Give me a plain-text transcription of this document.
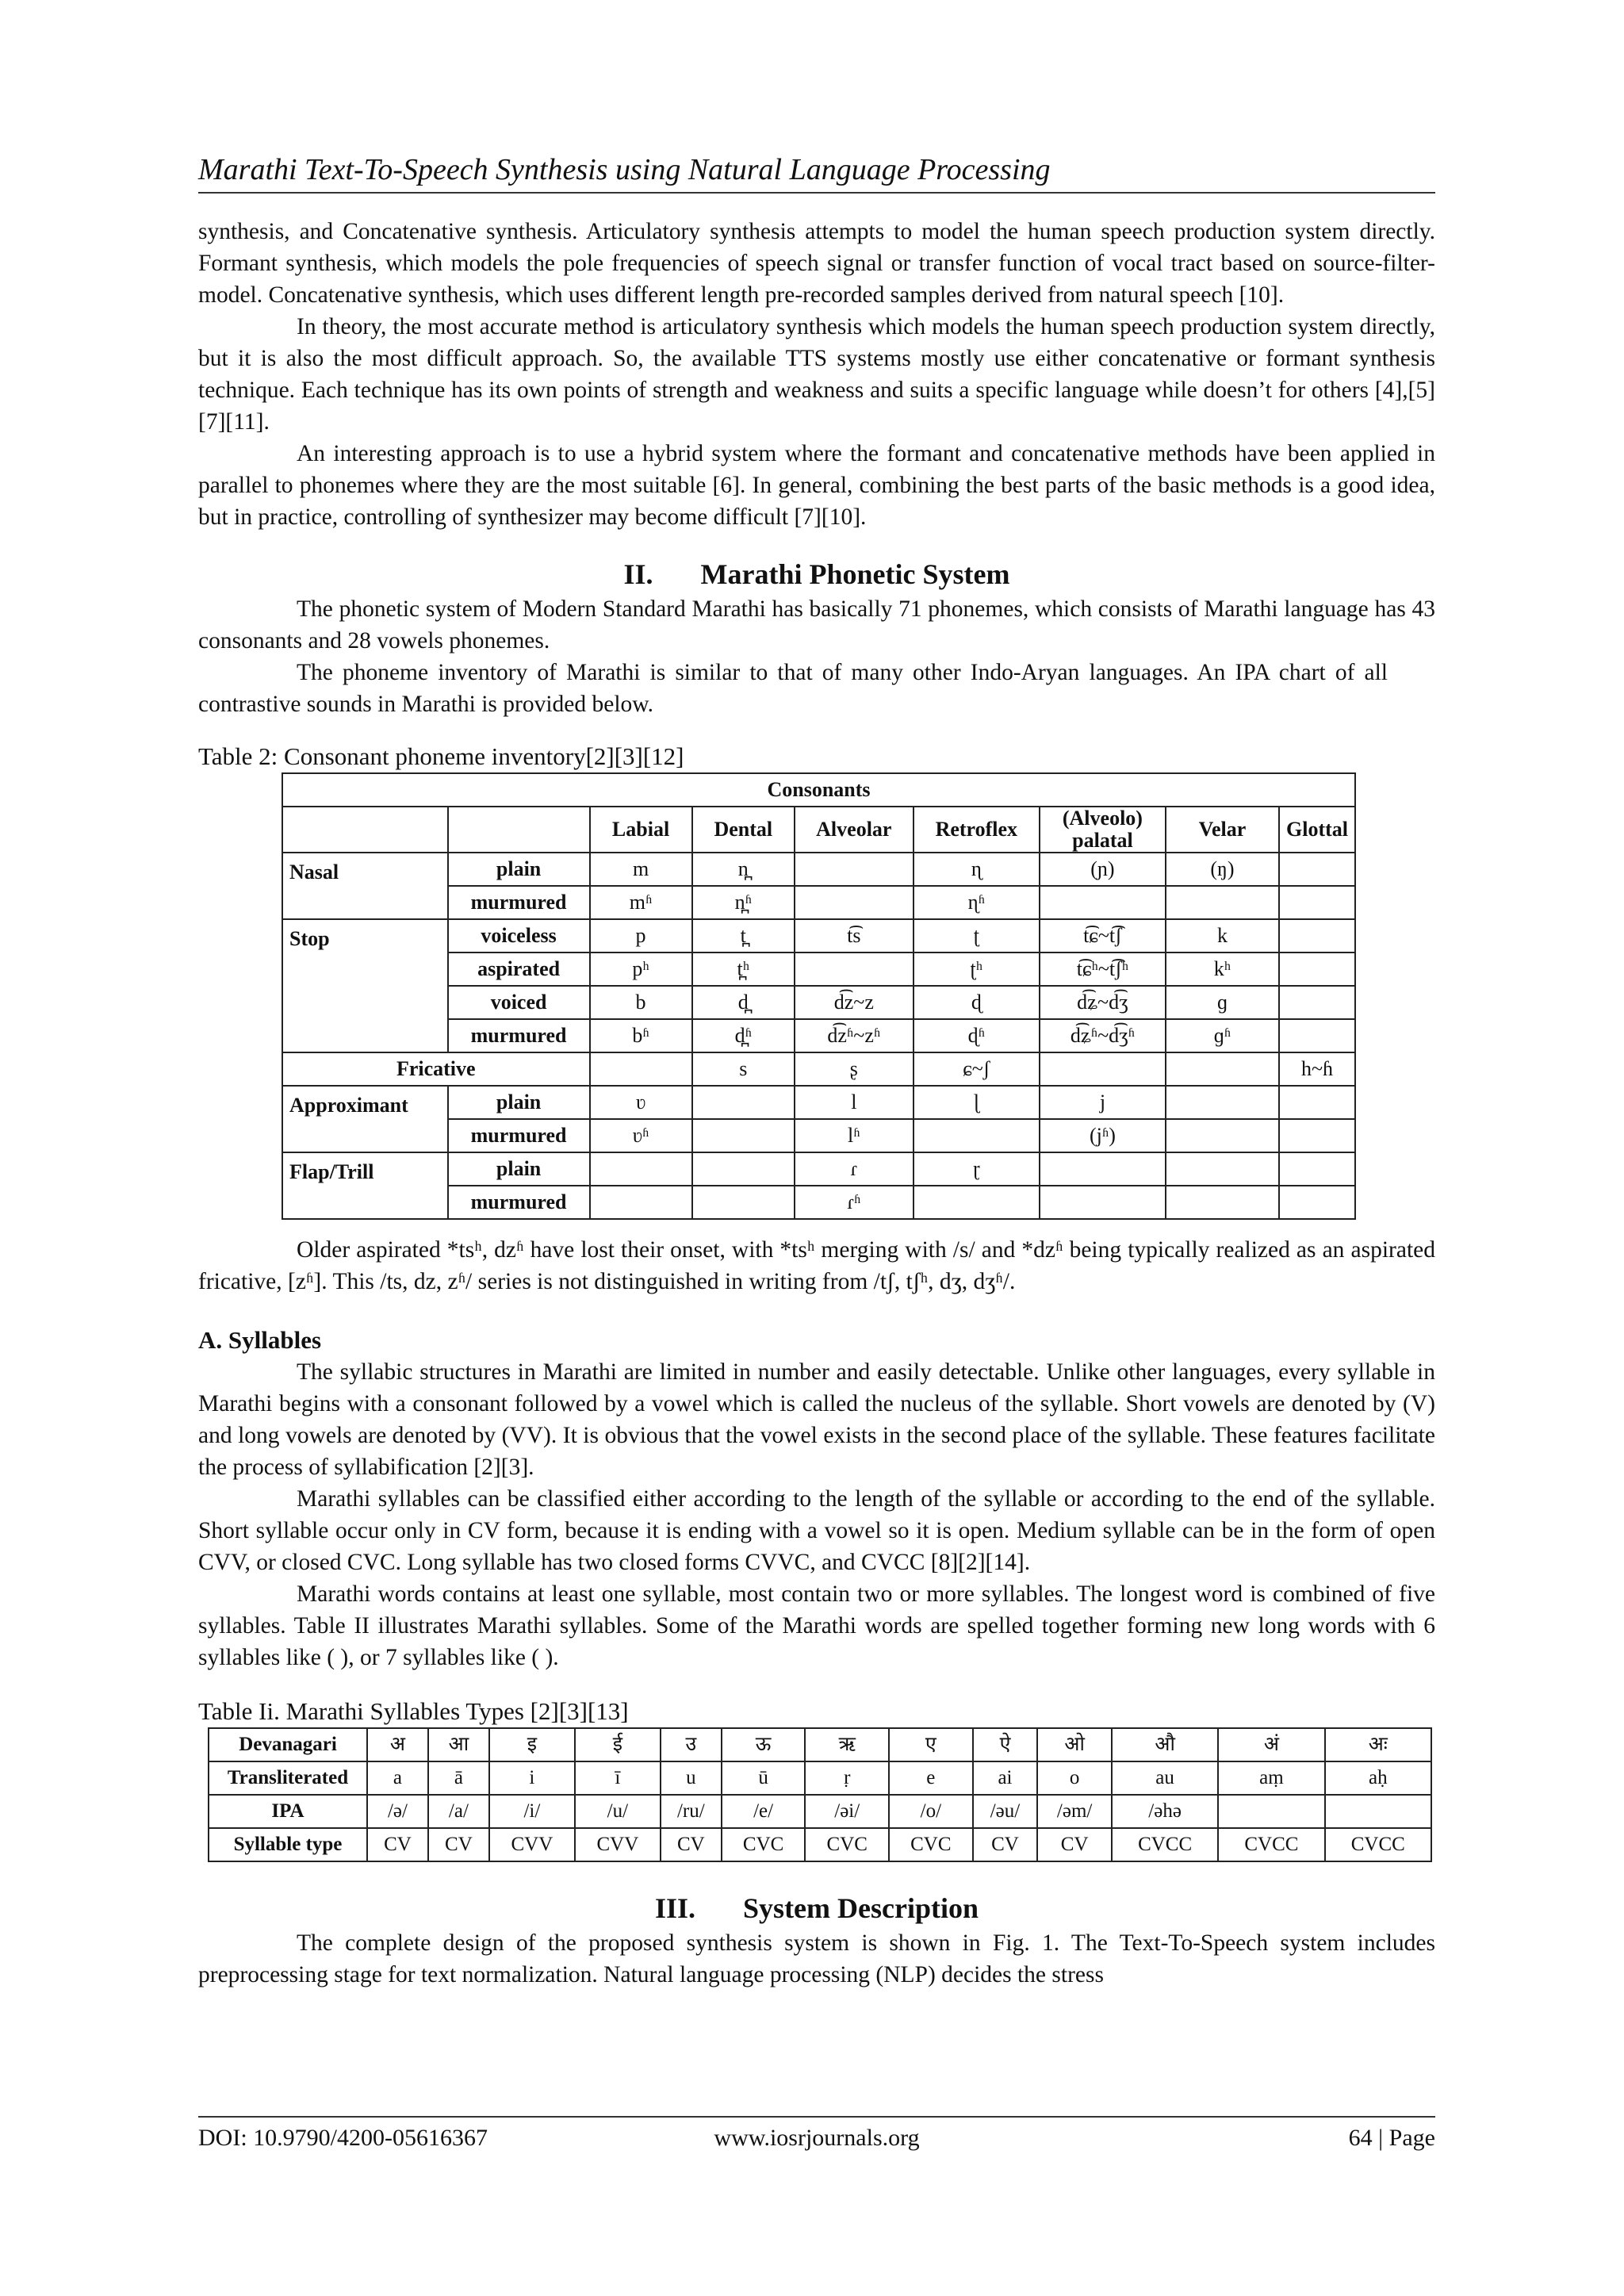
Marathi Text-To-Speech Synthesis using Natural Language Processing

synthesis, and Concatenative synthesis. Articulatory synthesis attempts to model the human speech production system directly. Formant synthesis, which models the pole frequencies of speech signal or transfer function of vocal tract based on source-filter-model. Concatenative synthesis, which uses different length pre-recorded samples derived from natural speech [10].

In theory, the most accurate method is articulatory synthesis which models the human speech production system directly, but it is also the most difficult approach. So, the available TTS systems mostly use either concatenative or formant synthesis technique. Each technique has its own points of strength and weakness and suits a specific language while doesn’t for others [4],[5] [7][11].

An interesting approach is to use a hybrid system where the formant and concatenative methods have been applied in parallel to phonemes where they are the most suitable [6]. In general, combining the best parts of the basic methods is a good idea, but in practice, controlling of synthesizer may become difficult [7][10].

II. Marathi Phonetic System

The phonetic system of Modern Standard Marathi has basically 71 phonemes, which consists of Marathi language has 43 consonants and 28 vowels phonemes.

The phoneme inventory of Marathi is similar to that of many other Indo-Aryan languages. An IPA chart of all contrastive sounds in Marathi is provided below.

Table 2: Consonant phoneme inventory[2][3][12]

Consonants								
		Labial	Dental	Alveolar	Retroflex	(Alveolo) palatal	Velar	Glottal
Nasal	plain	m	n̪		ɳ	(ɲ)	(ŋ)	
	murmured	mʱ	n̪ʱ		ɳʱ			
Stop	voiceless	p	t̪	t͡s	ʈ	t͡ɕ~t͡ʃ	k	
	aspirated	pʰ	t̪ʰ		ʈʰ	t͡ɕʰ~t͡ʃʰ	kʰ	
	voiced	b	d̪	d͡z~z	ɖ	d͡ʑ~d͡ʒ	ɡ	
	murmured	bʱ	d̪ʱ	d͡zʱ~zʱ	ɖʱ	d͡ʑʱ~d͡ʒʱ	ɡʱ	
Fricative			s	ʂ	ɕ~ʃ			h~ɦ
Approximant	plain	ʋ		l	ɭ	j		
	murmured	ʋʱ		lʱ		(jʱ)		
Flap/Trill	plain			ɾ	ɽ			
	murmured			ɾʱ				

Older aspirated *tsʰ, dzʱ have lost their onset, with *tsʰ merging with /s/ and *dzʱ being typically realized as an aspirated fricative, [zʱ]. This /ts, dz, zʱ/ series is not distinguished in writing from /tʃ, tʃʰ, dʒ, dʒʱ/.

A. Syllables

The syllabic structures in Marathi are limited in number and easily detectable. Unlike other languages, every syllable in Marathi begins with a consonant followed by a vowel which is called the nucleus of the syllable. Short vowels are denoted by (V) and long vowels are denoted by (VV). It is obvious that the vowel exists in the second place of the syllable. These features facilitate the process of syllabification [2][3].

Marathi syllables can be classified either according to the length of the syllable or according to the end of the syllable. Short syllable occur only in CV form, because it is ending with a vowel so it is open. Medium syllable can be in the form of open CVV, or closed CVC. Long syllable has two closed forms CVVC, and CVCC [8][2][14].

Marathi words contains at least one syllable, most contain two or more syllables. The longest word is combined of five syllables. Table II illustrates Marathi syllables. Some of the Marathi words are spelled together forming new long words with 6 syllables like ( ), or 7 syllables like ( ).

Table Ii. Marathi Syllables Types [2][3][13]

Devanagari	अ	आ	इ	ई	उ	ऊ	ऋ	ए	ऐ	ओ	औ	अं	अः
Transliterated	a	ā	i	ī	u	ū	ṛ	e	ai	o	au	aṃ	aḥ
IPA	/ə/	/a/	/i/	/u/	/ru/	/e/	/əi/	/o/	/əu/	/əm/	/əhə		
Syllable type	CV	CV	CVV	CVV	CV	CVC	CVC	CVC	CV	CV	CVCC	CVCC	CVCC
III. System Description

The complete design of the proposed synthesis system is shown in Fig. 1. The Text-To-Speech system includes preprocessing stage for text normalization. Natural language processing (NLP) decides the stress

DOI: 10.9790/4200-05616367	www.iosrjournals.org	64 | Page
